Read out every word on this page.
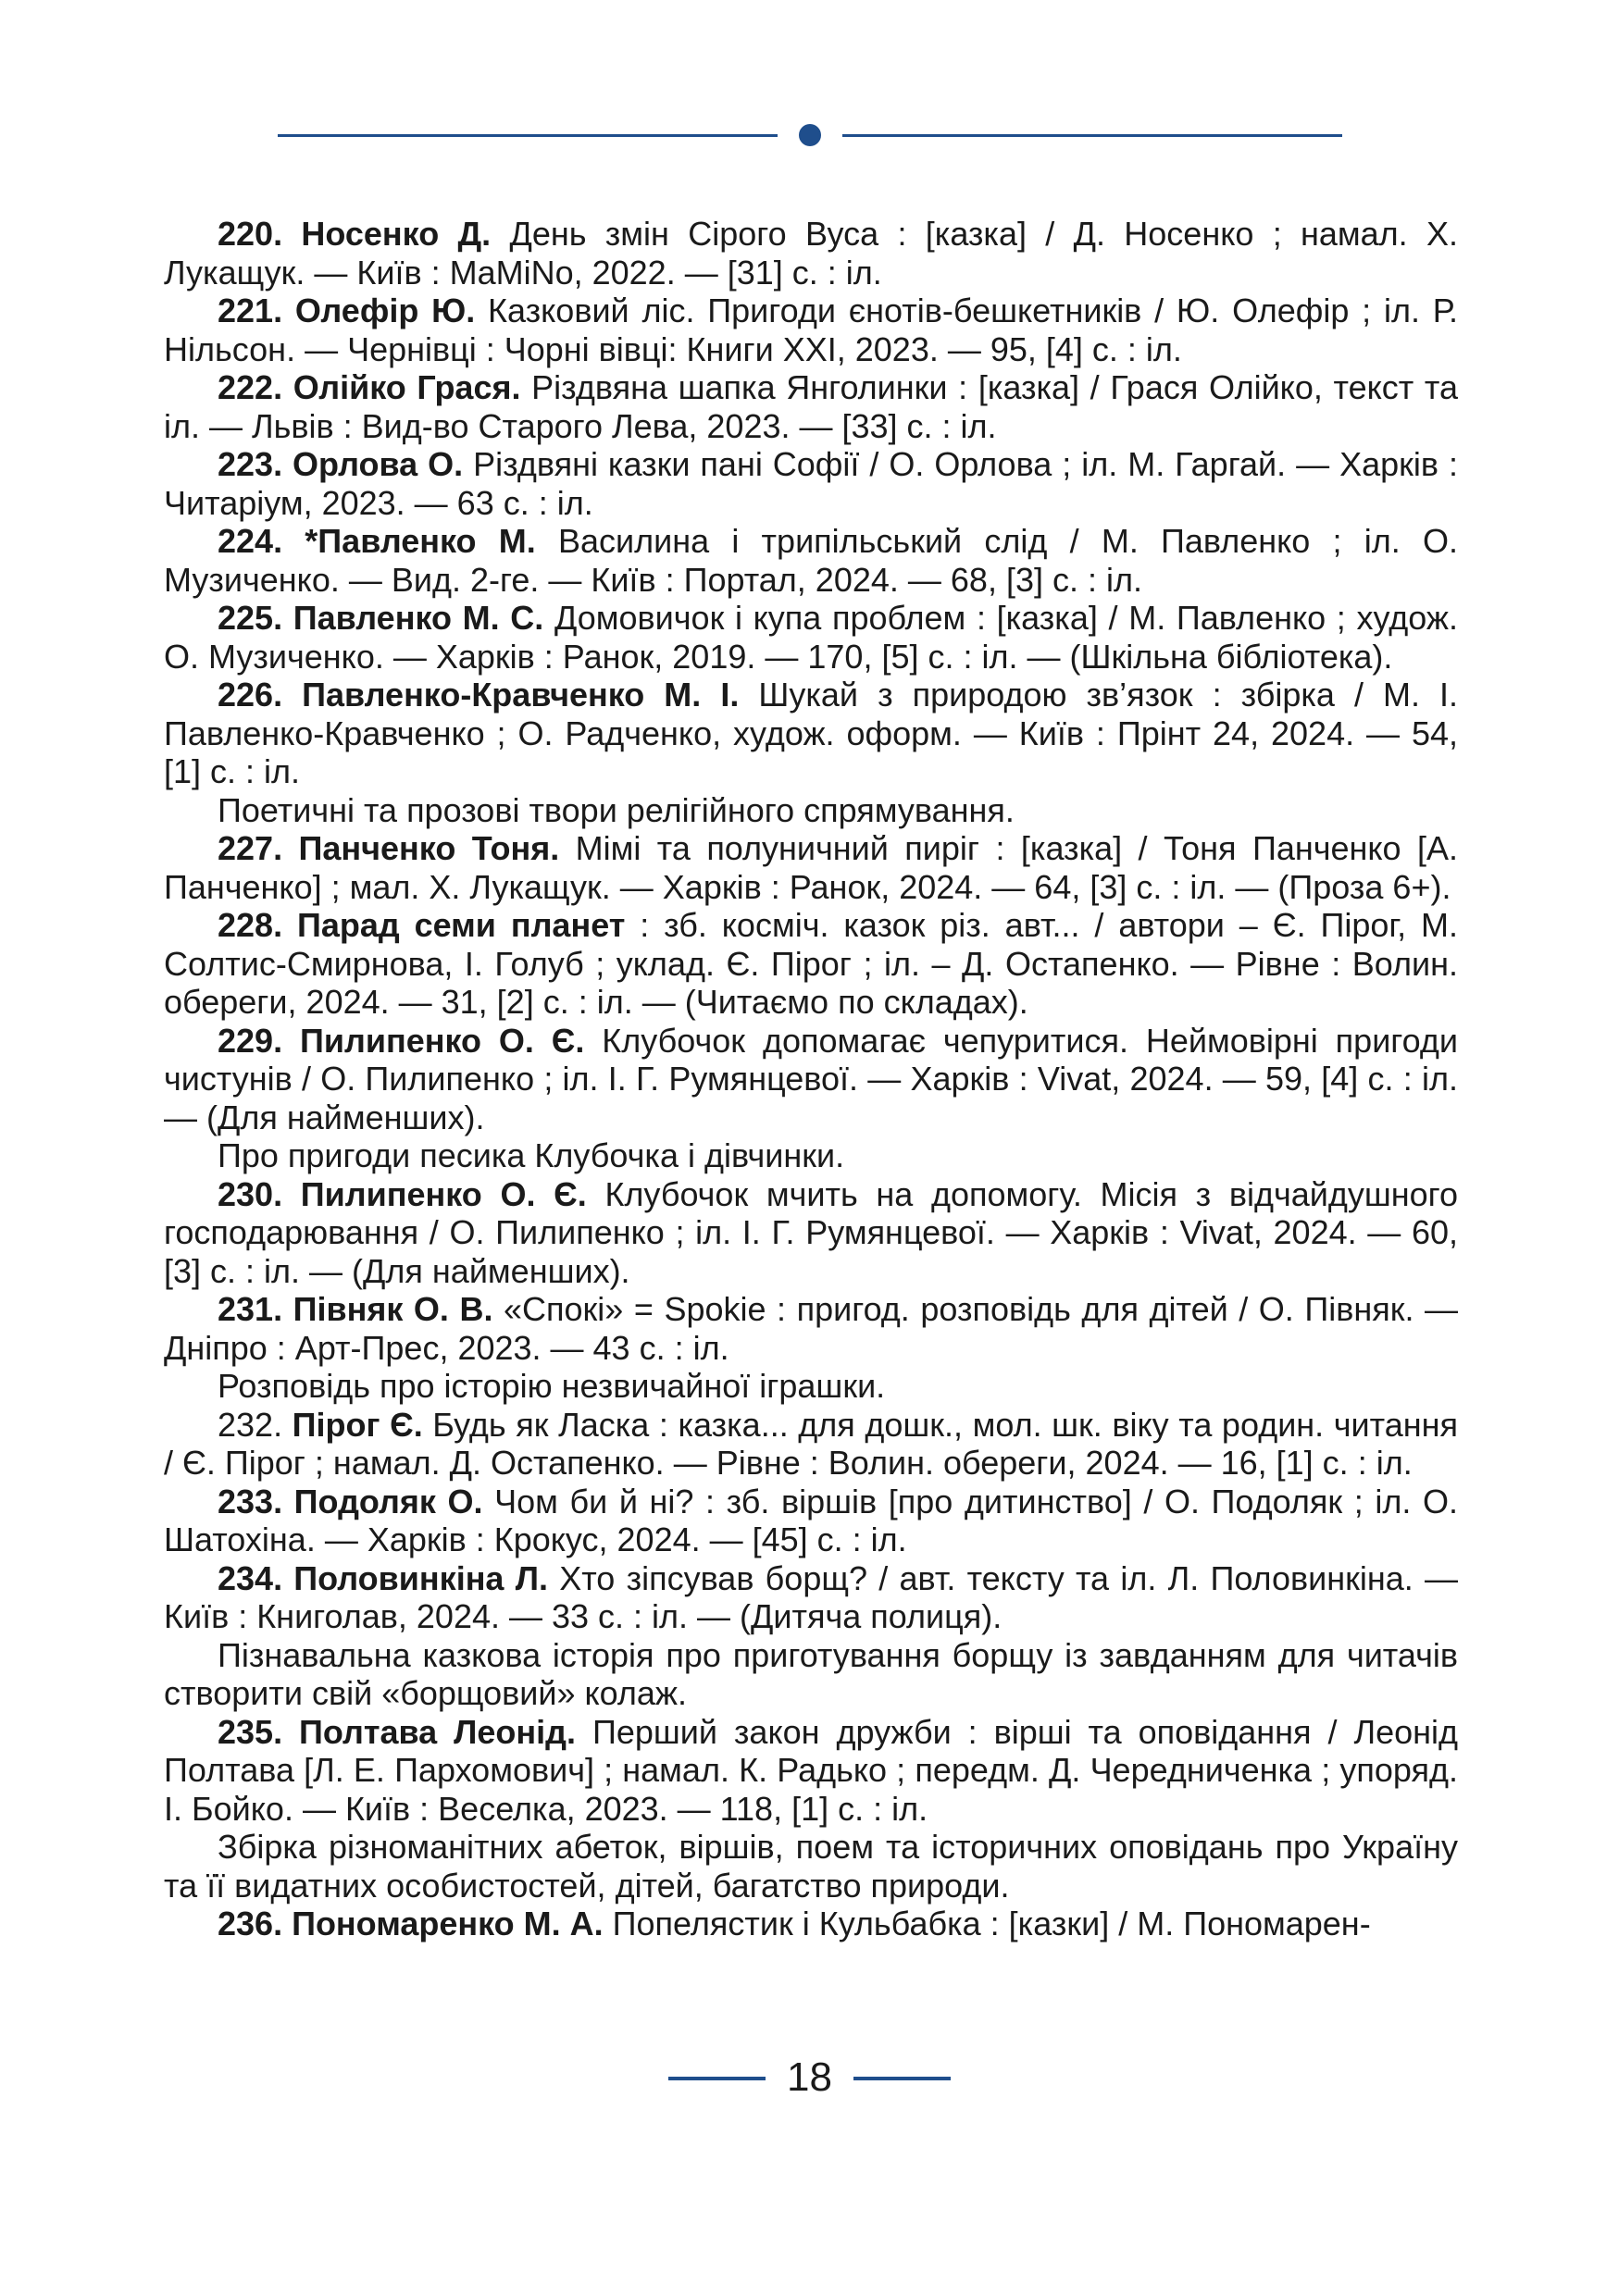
220. Носенко Д. День змін Сірого Вуса : [казка] / Д. Носенко ; намал. Х. Лукащук. — Київ : MaMiNo, 2022. — [31] с. : іл.

221. Олефір Ю. Казковий ліс. Пригоди єнотів-бешкетників / Ю. Олефір ; іл. Р. Нільсон. — Чернівці : Чорні вівці: Книги ХХІ, 2023. — 95, [4] с. : іл.

222. Олійко Грася. Різдвяна шапка Янголинки : [казка] / Грася Олійко, текст та іл. — Львів : Вид-во Старого Лева, 2023. — [33] с. : іл.

223. Орлова О. Різдвяні казки пані Софії / О. Орлова ; іл. М. Гаргай. — Харків : Читаріум, 2023. — 63 с. : іл.

224. *Павленко М. Василина і трипільський слід / М. Павленко ; іл. О. Музиченко. — Вид. 2-ге. — Київ : Портал, 2024. — 68, [3] с. : іл.

225. Павленко М. С. Домовичок і купа проблем : [казка] / М. Павленко ; худож. О. Музиченко. — Харків : Ранок, 2019. — 170, [5] с. : іл. — (Шкільна бібліотека).

226. Павленко-Кравченко М. І. Шукай з природою зв’язок : збірка / М. І. Павленко-Кравченко ; О. Радченко, худож. оформ. — Київ : Прінт 24, 2024. — 54, [1] с. : іл.

Поетичні та прозові твори релігійного спрямування.

227. Панченко Тоня. Мімі та полуничний пиріг : [казка] / Тоня Панченко [А. Панченко] ; мал. Х. Лукащук. — Харків : Ранок, 2024. — 64, [3] с. : іл. — (Проза 6+).

228. Парад семи планет : зб. косміч. казок різ. авт... / автори – Є. Пірог, М. Солтис-Смирнова, І. Голуб ; уклад. Є. Пірог ; іл. – Д. Остапенко. — Рівне : Волин. обереги, 2024. — 31, [2] с. : іл. — (Читаємо по складах).

229. Пилипенко О. Є. Клубочок допомагає чепуритися. Неймовірні пригоди чистунів / О. Пилипенко ; іл. І. Г. Румянцевої. — Харків : Vivat, 2024. — 59, [4] с. : іл. — (Для найменших).

Про пригоди песика Клубочка і дівчинки.

230. Пилипенко О. Є. Клубочок мчить на допомогу. Місія з відчайдушного господарювання / О. Пилипенко ; іл. І. Г. Румянцевої. — Харків : Vivat, 2024. — 60, [3] с. : іл. — (Для найменших).

231. Півняк О. В. «Спокі» = Spokie : пригод. розповідь для дітей / О. Півняк. — Дніпро : Арт-Прес, 2023. — 43 с. : іл.

Розповідь про історію незвичайної іграшки.

232. Пірог Є. Будь як Ласка : казка... для дошк., мол. шк. віку та родин. читання / Є. Пірог ; намал. Д. Остапенко. — Рівне : Волин. обереги, 2024. — 16, [1] с. : іл.

233. Подоляк О. Чом би й ні? : зб. віршів [про дитинство] / О. Подоляк ; іл. О. Шатохіна. — Харків : Крокус, 2024. — [45] с. : іл.

234. Половинкіна Л. Хто зіпсував борщ? / авт. тексту та іл. Л. Половинкіна. — Київ : Книголав, 2024. — 33 с. : іл. — (Дитяча полиця).

Пізнавальна казкова історія про приготування борщу із завданням для читачів створити свій «борщовий» колаж.

235. Полтава Леонід. Перший закон дружби : вірші та оповідання / Леонід Полтава [Л. Е. Пархомович] ; намал. К. Радько ; передм. Д. Чередниченка ; упоряд. І. Бойко. — Київ : Веселка, 2023. — 118, [1] с. : іл.

Збірка різноманітних абеток, віршів, поем та історичних оповідань про Україну та її видатних особистостей, дітей, багатство природи.

236. Пономаренко М. А. Попелястик і Кульбабка : [казки] / М. Пономарен-

18
